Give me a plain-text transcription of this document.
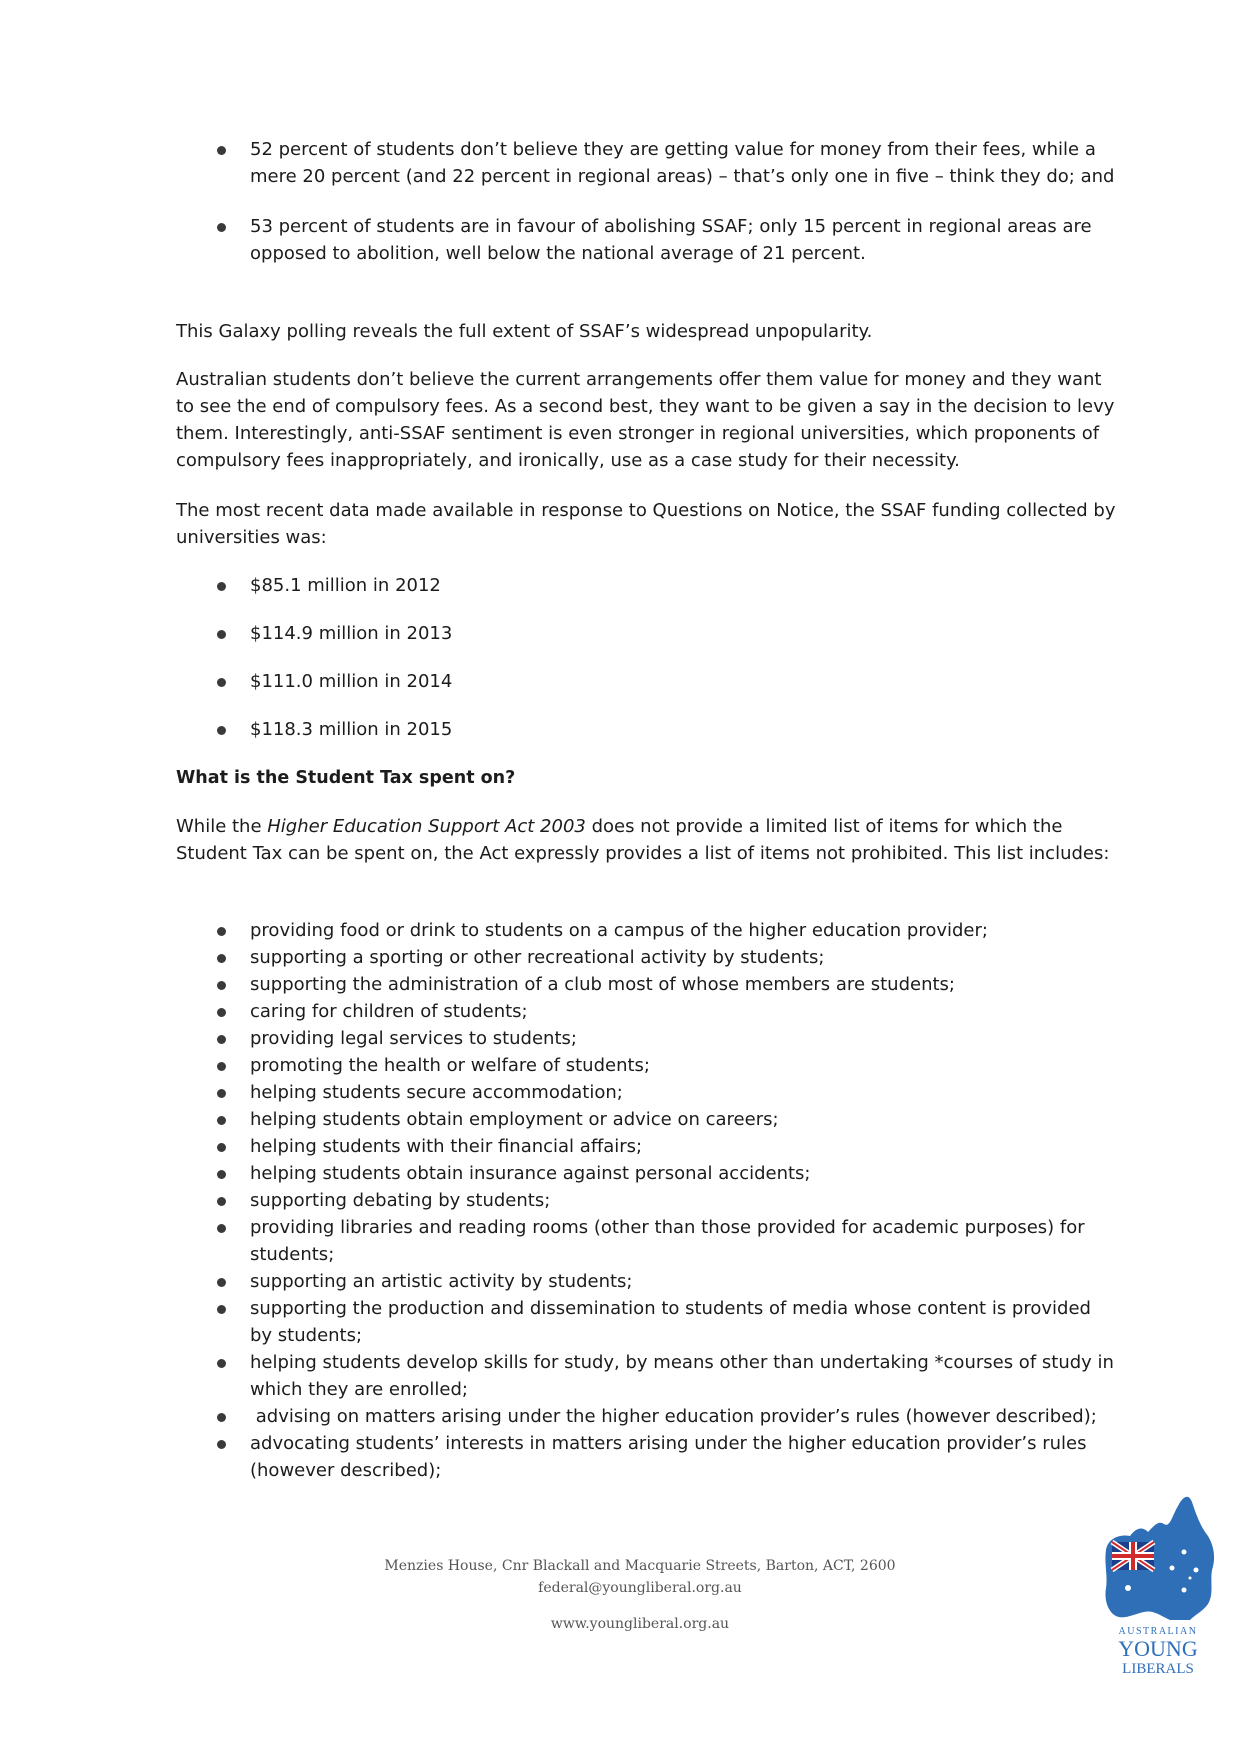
52 percent of students don’t believe they are getting value for money from their fees, while a mere 20 percent (and 22 percent in regional areas) – that’s only one in five – think they do; and
53 percent of students are in favour of abolishing SSAF; only 15 percent in regional areas are opposed to abolition, well below the national average of 21 percent.

This Galaxy polling reveals the full extent of SSAF’s widespread unpopularity.

Australian students don’t believe the current arrangements offer them value for money and they want to see the end of compulsory fees. As a second best, they want to be given a say in the decision to levy them. Interestingly, anti-SSAF sentiment is even stronger in regional universities, which proponents of compulsory fees inappropriately, and ironically, use as a case study for their necessity.

The most recent data made available in response to Questions on Notice, the SSAF funding collected by universities was:

$85.1 million in 2012
$114.9 million in 2013
$111.0 million in 2014
$118.3 million in 2015

What is the Student Tax spent on?

While the Higher Education Support Act 2003 does not provide a limited list of items for which the Student Tax can be spent on, the Act expressly provides a list of items not prohibited. This list includes:

providing food or drink to students on a campus of the higher education provider;
supporting a sporting or other recreational activity by students;
supporting the administration of a club most of whose members are students;
caring for children of students;
providing legal services to students;
promoting the health or welfare of students;
helping students secure accommodation;
helping students obtain employment or advice on careers;
helping students with their financial affairs;
helping students obtain insurance against personal accidents;
supporting debating by students;
providing libraries and reading rooms (other than those provided for academic purposes) for students;
supporting an artistic activity by students;
supporting the production and dissemination to students of media whose content is provided by students;
helping students develop skills for study, by means other than undertaking *courses of study in which they are enrolled;
advising on matters arising under the higher education provider’s rules (however described);
advocating students’ interests in matters arising under the higher education provider’s rules (however described);
Menzies House, Cnr Blackall and Macquarie Streets, Barton, ACT, 2600
federal@youngliberal.org.au
www.youngliberal.org.au	AUSTRALIAN
YOUNG
LIBERALS
